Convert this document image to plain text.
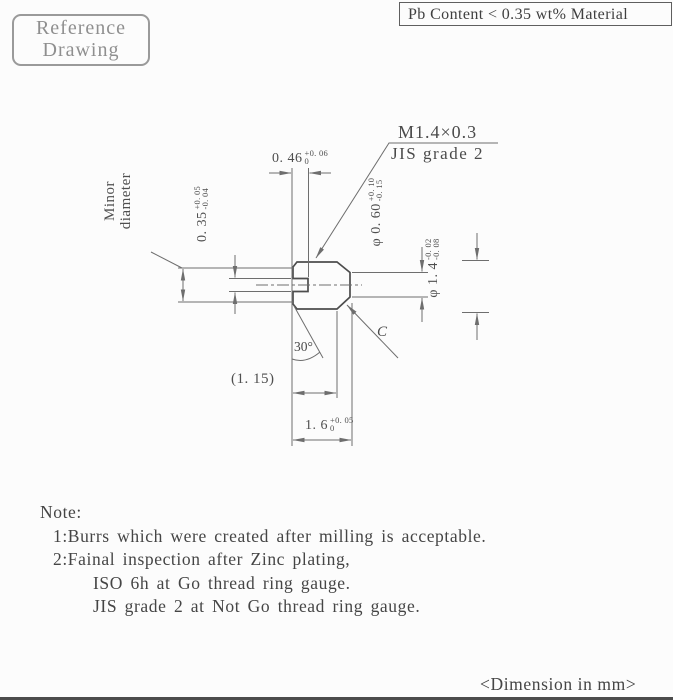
Reference
Drawing
Pb Content < 0.35 wt% Material
M1.4×0.3
JIS grade 2
0. 46 +0. 06
0
0. 35
+0. 05
-0. 04
φ 0. 60
+0. 10
-0. 15
φ 1. 4
-0. 02
-0. 08
Minor diameter
(1. 15)
1. 6 +0. 05
0
30°
C
Note:
1:Burrs which were created after milling is acceptable.
2:Fainal inspection after Zinc plating,
ISO 6h at Go thread ring gauge.
JIS grade 2 at Not Go thread ring gauge.
<Dimension in mm>
